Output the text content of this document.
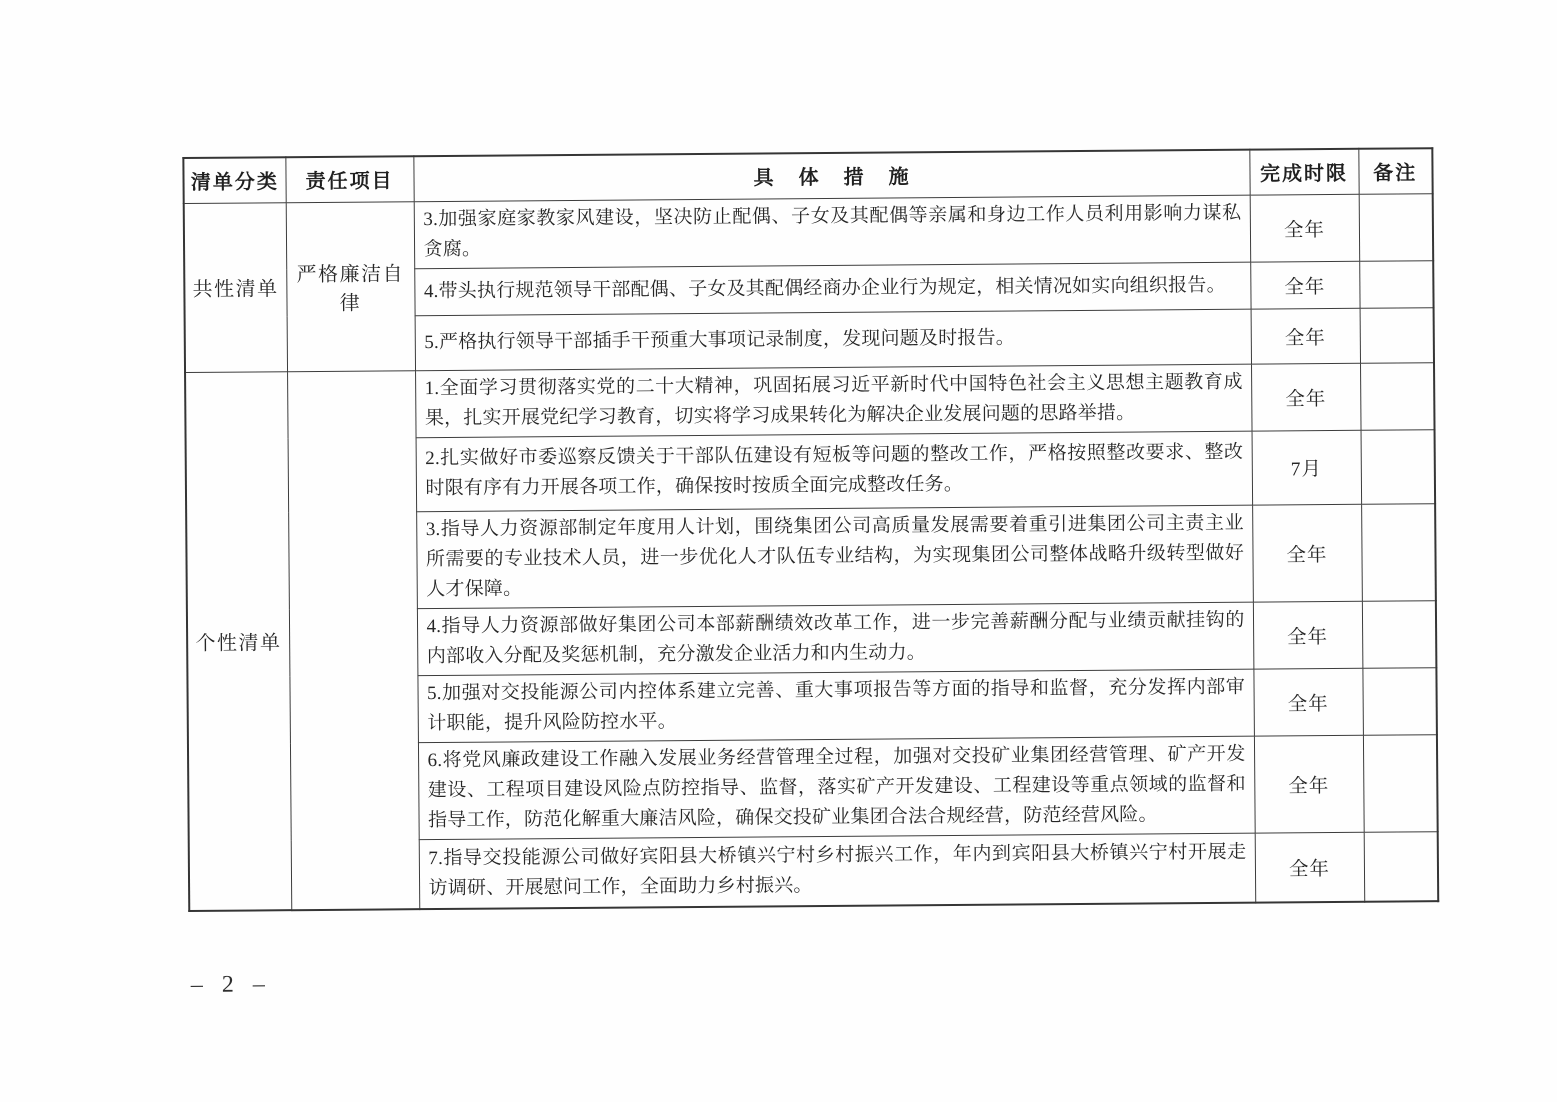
清单分类	责任项目	具 体 措 施	完成时限	备注
共性清单	严格廉洁自律	3.加强家庭家教家风建设，坚决防止配偶、子女及其配偶等亲属和身边工作人员利用影响力谋私贪腐。	全年	
		4.带头执行规范领导干部配偶、子女及其配偶经商办企业行为规定，相关情况如实向组织报告。	全年	
		5.严格执行领导干部插手干预重大事项记录制度，发现问题及时报告。	全年	
个性清单		1.全面学习贯彻落实党的二十大精神，巩固拓展习近平新时代中国特色社会主义思想主题教育成果，扎实开展党纪学习教育，切实将学习成果转化为解决企业发展问题的思路举措。	全年	
		2.扎实做好市委巡察反馈关于干部队伍建设有短板等问题的整改工作，严格按照整改要求、整改时限有序有力开展各项工作，确保按时按质全面完成整改任务。	7月	
		3.指导人力资源部制定年度用人计划，围绕集团公司高质量发展需要着重引进集团公司主责主业所需要的专业技术人员，进一步优化人才队伍专业结构，为实现集团公司整体战略升级转型做好人才保障。	全年	
		4.指导人力资源部做好集团公司本部薪酬绩效改革工作，进一步完善薪酬分配与业绩贡献挂钩的内部收入分配及奖惩机制，充分激发企业活力和内生动力。	全年	
		5.加强对交投能源公司内控体系建立完善、重大事项报告等方面的指导和监督，充分发挥内部审计职能，提升风险防控水平。	全年	
		6.将党风廉政建设工作融入发展业务经营管理全过程，加强对交投矿业集团经营管理、矿产开发建设、工程项目建设风险点防控指导、监督，落实矿产开发建设、工程建设等重点领域的监督和指导工作，防范化解重大廉洁风险，确保交投矿业集团合法合规经营，防范经营风险。	全年	
		7.指导交投能源公司做好宾阳县大桥镇兴宁村乡村振兴工作，年内到宾阳县大桥镇兴宁村开展走访调研、开展慰问工作，全面助力乡村振兴。	全年	
– 2 –
